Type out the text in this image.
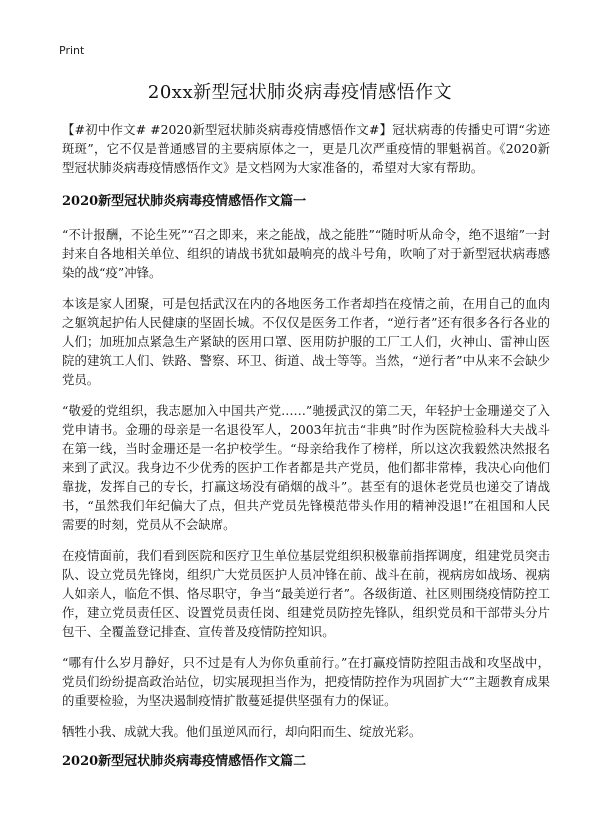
Print
20xx新型冠状肺炎病毒疫情感悟作文

【#初中作文# #2020新型冠状肺炎病毒疫情感悟作文#】冠状病毒的传播史可谓“劣迹斑斑”，它不仅是普通感冒的主要病原体之一，更是几次严重疫情的罪魁祸首。《2020新型冠状肺炎病毒疫情感悟作文》是文档网为大家准备的，希望对大家有帮助。

2020新型冠状肺炎病毒疫情感悟作文篇一

“不计报酬，不论生死”“召之即来，来之能战，战之能胜”“随时听从命令，绝不退缩”一封封来自各地相关单位、组织的请战书犹如最响亮的战斗号角，吹响了对于新型冠状病毒感染的战“疫”冲锋。

本该是家人团聚，可是包括武汉在内的各地医务工作者却挡在疫情之前，在用自己的血肉之躯筑起护佑人民健康的坚固长城。不仅仅是医务工作者，“逆行者”还有很多各行各业的人们；加班加点紧急生产紧缺的医用口罩、医用防护服的工厂工人们，火神山、雷神山医院的建筑工人们、铁路、警察、环卫、街道、战士等等。当然，“逆行者”中从来不会缺少党员。

“敬爱的党组织，我志愿加入中国共产党……”驰援武汉的第二天，年轻护士金珊递交了入党申请书。金珊的母亲是一名退役军人，2003年抗击“非典”时作为医院检验科大夫战斗在第一线，当时金珊还是一名护校学生。“母亲给我作了榜样，所以这次我毅然决然报名来到了武汉。我身边不少优秀的医护工作者都是共产党员，他们都非常棒，我决心向他们靠拢，发挥自己的专长，打赢这场没有硝烟的战斗”。甚至有的退休老党员也递交了请战书，“虽然我们年纪偏大了点，但共产党员先锋模范带头作用的精神没退!”在祖国和人民需要的时刻，党员从不会缺席。

在疫情面前，我们看到医院和医疗卫生单位基层党组织积极靠前指挥调度，组建党员突击队、设立党员先锋岗，组织广大党员医护人员冲锋在前、战斗在前，视病房如战场、视病人如亲人，临危不惧、恪尽职守，争当“最美逆行者”。各级街道、社区则围绕疫情防控工作，建立党员责任区、设置党员责任岗、组建党员防控先锋队，组织党员和干部带头分片包干、全覆盖登记排查、宣传普及疫情防控知识。

“哪有什么岁月静好，只不过是有人为你负重前行。”在打赢疫情防控阻击战和攻坚战中，党员们纷纷提高政治站位，切实展现担当作为，把疫情防控作为巩固扩大“”主题教育成果的重要检验，为坚决遏制疫情扩散蔓延提供坚强有力的保证。

牺牲小我、成就大我。他们虽逆风而行，却向阳而生、绽放光彩。

2020新型冠状肺炎病毒疫情感悟作文篇二
